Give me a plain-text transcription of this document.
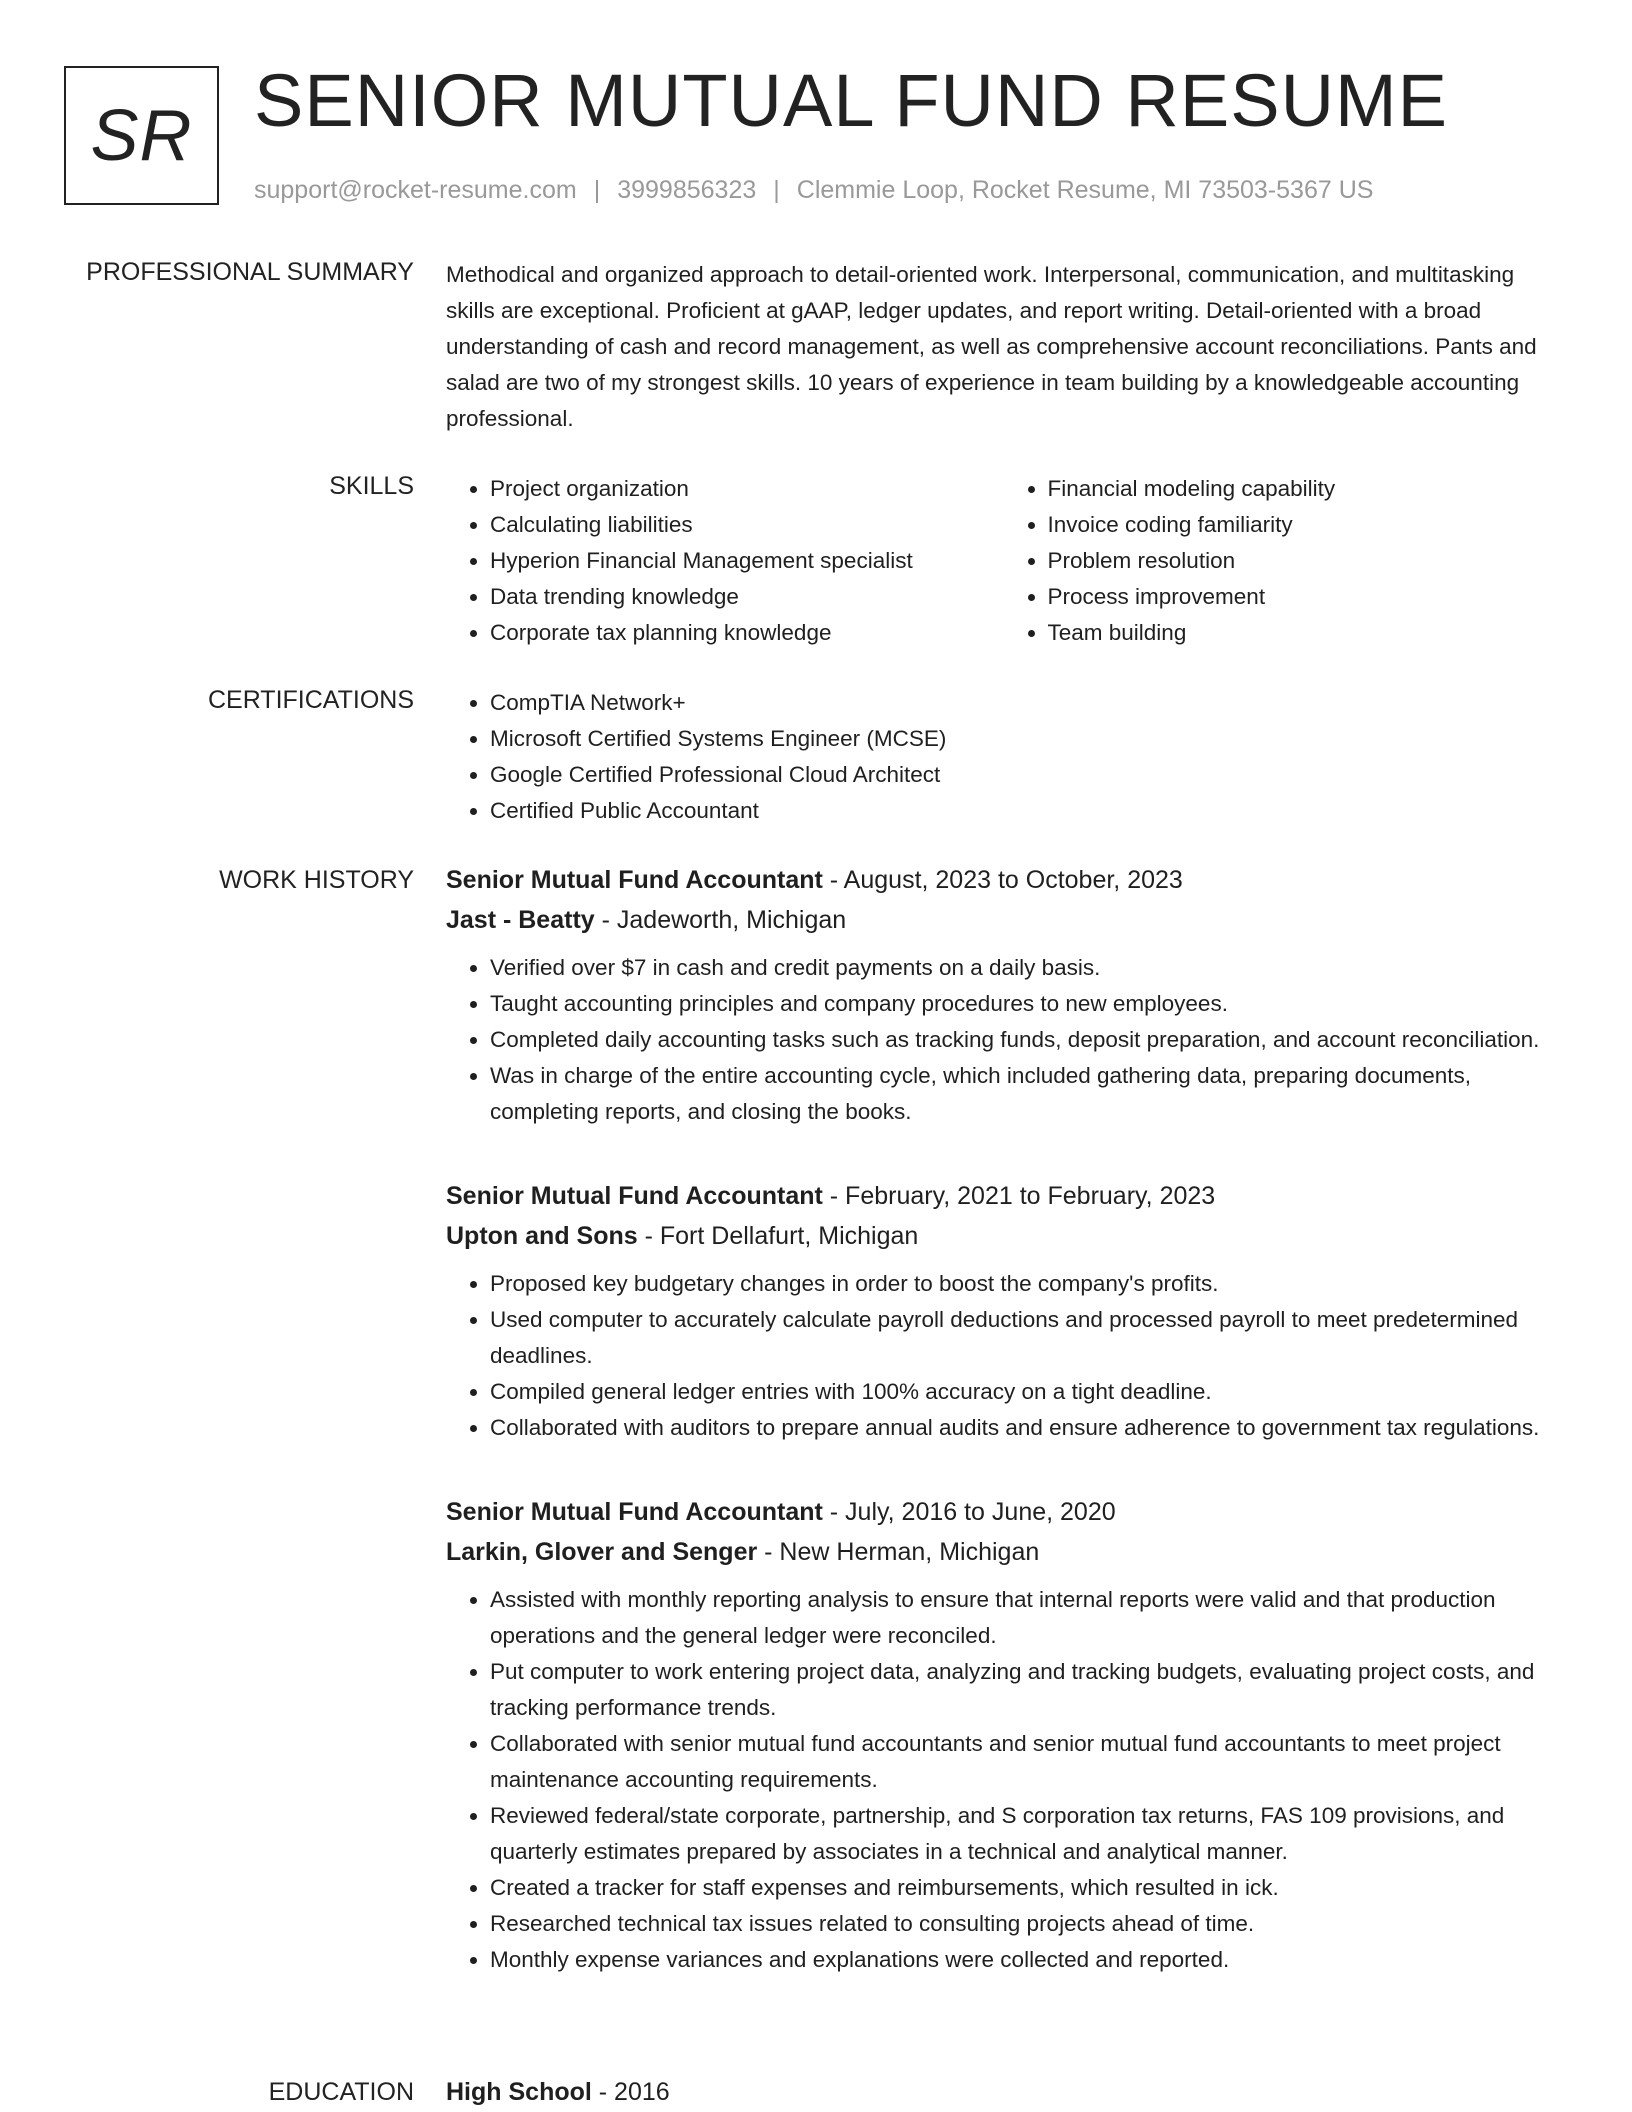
SR SENIOR MUTUAL FUND RESUME
support@rocket-resume.com | 3999856323 | Clemmie Loop, Rocket Resume, MI 73503-5367 US
PROFESSIONAL SUMMARY Methodical and organized approach to detail-oriented work. Interpersonal, communication, and multitasking skills are exceptional. Proficient at gAAP, ledger updates, and report writing. Detail-oriented with a broad understanding of cash and record management, as well as comprehensive account reconciliations. Pants and salad are two of my strongest skills. 10 years of experience in team building by a knowledgeable accounting professional.

SKILLS	• Project organization
• Calculating liabilities
• Hyperion Financial Management specialist
• Data trending knowledge
• Corporate tax planning knowledge
• Financial modeling capability
• Invoice coding familiarity
• Problem resolution
• Process improvement
• Team building
CERTIFICATIONS	• CompTIA Network+
• Microsoft Certified Systems Engineer (MCSE)
• Google Certified Professional Cloud Architect
• Certified Public Accountant
WORK HISTORY Senior Mutual Fund Accountant - August, 2023 to October, 2023
Jast - Beatty - Jadeworth, Michigan
• Verified over $7 in cash and credit payments on a daily basis.
• Taught accounting principles and company procedures to new employees.
• Completed daily accounting tasks such as tracking funds, deposit preparation, and account reconciliation.
• Was in charge of the entire accounting cycle, which included gathering data, preparing documents, completing reports, and closing the books.
Senior Mutual Fund Accountant - February, 2021 to February, 2023
Upton and Sons - Fort Dellafurt, Michigan
• Proposed key budgetary changes in order to boost the company's profits.
• Used computer to accurately calculate payroll deductions and processed payroll to meet predetermined deadlines.
• Compiled general ledger entries with 100% accuracy on a tight deadline.
• Collaborated with auditors to prepare annual audits and ensure adherence to government tax regulations.
Senior Mutual Fund Accountant - July, 2016 to June, 2020
Larkin, Glover and Senger - New Herman, Michigan
• Assisted with monthly reporting analysis to ensure that internal reports were valid and that production operations and the general ledger were reconciled.
• Put computer to work entering project data, analyzing and tracking budgets, evaluating project costs, and tracking performance trends.
• Collaborated with senior mutual fund accountants and senior mutual fund accountants to meet project maintenance accounting requirements.
• Reviewed federal/state corporate, partnership, and S corporation tax returns, FAS 109 provisions, and quarterly estimates prepared by associates in a technical and analytical manner.
• Created a tracker for staff expenses and reimbursements, which resulted in ick.
• Researched technical tax issues related to consulting projects ahead of time.
• Monthly expense variances and explanations were collected and reported.
EDUCATION High School - 2016
